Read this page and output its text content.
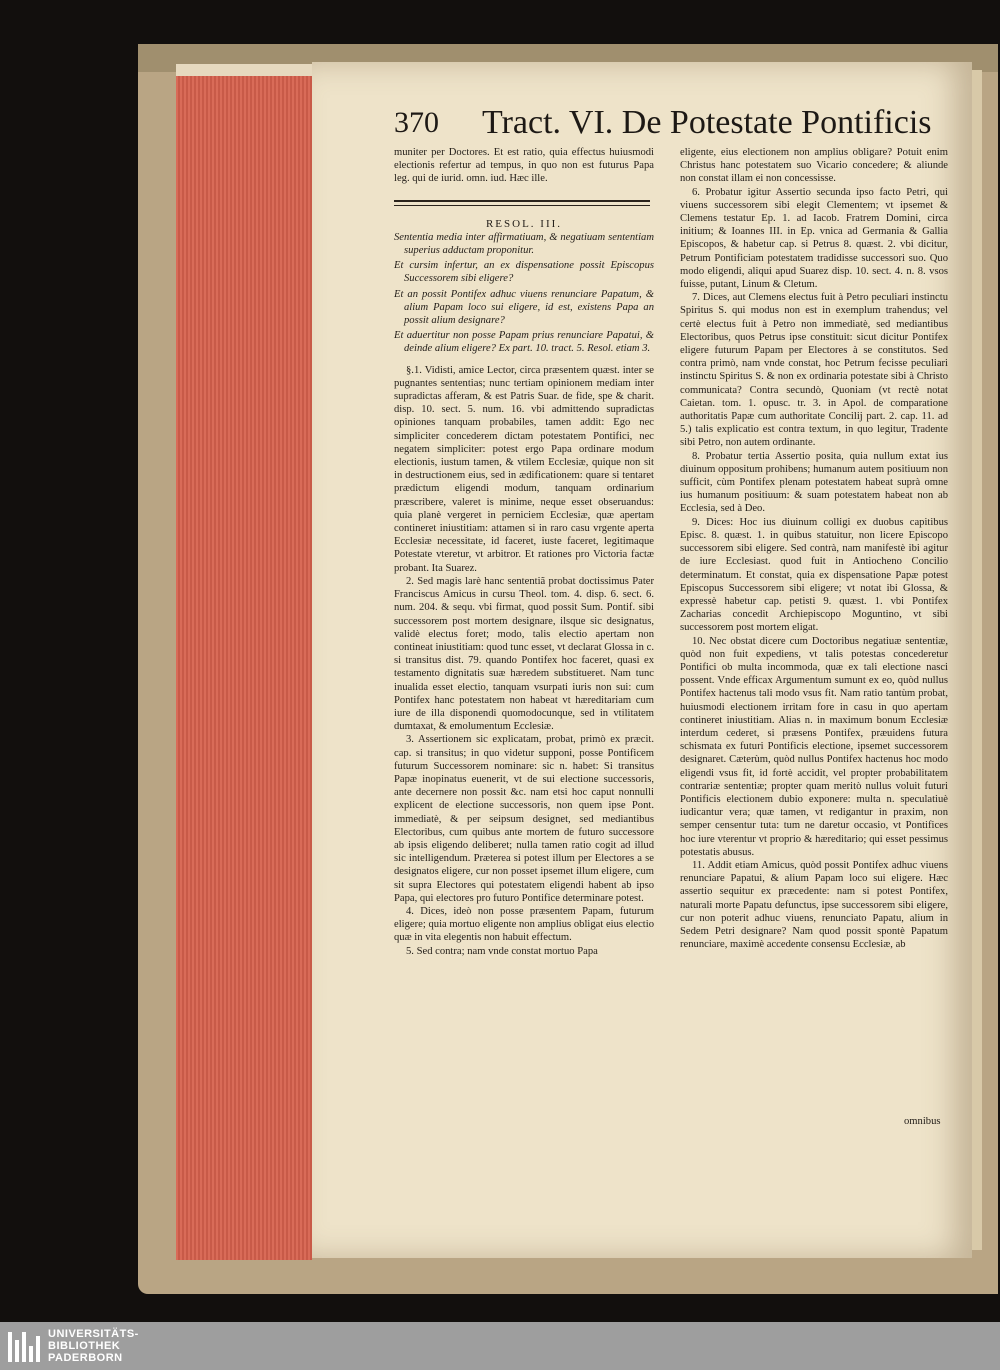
370 Tract. VI. De Potestate Pontificis

muniter per Doctores. Et est ratio, quia effectus huiusmodi electionis refertur ad tempus, in quo non est futurus Papa leg. qui de iurid. omn. iud. Hæc ille.

RESOL. III.

Sententia media inter affirmatiuam, & negatiuam sententiam superius adductam proponitur.

Et cursim infertur, an ex dispensatione possit Episcopus Successorem sibi eligere?

Et an possit Pontifex adhuc viuens renunciare Papatum, & alium Papam loco sui eligere, id est, existens Papa an possit alium designare?

Et aduertitur non posse Papam prius renunciare Papatui, & deinde alium eligere? Ex part. 10. tract. 5. Resol. etiam 3.

§.1. Vidisti, amice Lector, circa præsentem quæst. inter se pugnantes sententias; nunc tertiam opinionem mediam inter supradictas afferam, & est Patris Suar. de fide, spe & charit. disp. 10. sect. 5. num. 16. vbi admittendo supradictas opiniones tanquam probabiles, tamen addit: Ego nec simpliciter concederem dictam potestatem Pontifici, nec negatem simpliciter: potest ergo Papa ordinare modum electionis, iustum tamen, & vtilem Ecclesiæ, quique non sit in destructionem eius, sed in ædificationem: quare si tentaret prædictum eligendi modum, tanquam ordinarium præscribere, valeret is minime, neque esset obseruandus: quia planè vergeret in perniciem Ecclesiæ, quæ apertam contineret iniustitiam: attamen si in raro casu vrgente aperta Ecclesiæ necessitate, id faceret, iuste faceret, legitimaque Potestate vteretur, vt arbitror. Et rationes pro Victoria factæ probant. Ita Suarez.

2. Sed magis larè hanc sententiã probat doctissimus Pater Franciscus Amicus in cursu Theol. tom. 4. disp. 6. sect. 6. num. 204. & sequ. vbi firmat, quod possit Sum. Pontif. sibi successorem post mortem designare, ilsque sic designatus, validè electus foret; modo, talis electio apertam non contineat iniustitiam: quod tunc esset, vt declarat Glossa in c. si transitus dist. 79. quando Pontifex hoc faceret, quasi ex testamento dignitatis suæ hæredem substitueret. Nam tunc inualida esset electio, tanquam vsurpati iuris non sui: cum Pontifex hanc potestatem non habeat vt hæreditariam cum iure de illa disponendi quomodocunque, sed in vtilitatem dumtaxat, & emolumentum Ecclesiæ.

3. Assertionem sic explicatam, probat, primò ex præcit. cap. si transitus; in quo videtur supponi, posse Pontificem futurum Successorem nominare: sic n. habet: Si transitus Papæ inopinatus euenerit, vt de sui electione successoris, ante decernere non possit &c. nam etsi hoc caput nonnulli explicent de electione successoris, non quem ipse Pont. immediatè, & per seipsum designet, sed mediantibus Electoribus, cum quibus ante mortem de futuro successore ab ipsis eligendo deliberet; nulla tamen ratio cogit ad illud sic intelligendum. Præterea si potest illum per Electores a se designatos eligere, cur non posset ipsemet illum eligere, cum sit supra Electores qui potestatem eligendi habent ab ipso Papa, qui electores pro futuro Pontifice determinare potest.

4. Dices, ideò non posse præsentem Papam, futurum eligere; quia mortuo eligente non amplius obligat eius electio quæ in vita elegentis non habuit effectum.

5. Sed contra; nam vnde constat mortuo Papa

eligente, eius electionem non amplius obligare? Potuit enim Christus hanc potestatem suo Vicario concedere; & aliunde non constat illam ei non concessisse.

6. Probatur igitur Assertio secunda ipso facto Petri, qui viuens successorem sibi elegit Clementem; vt ipsemet & Clemens testatur Ep. 1. ad Iacob. Fratrem Domini, circa initium; & Ioannes III. in Ep. vnica ad Germania & Gallia Episcopos, & habetur cap. si Petrus 8. quæst. 2. vbi dicitur, Petrum Pontificiam potestatem tradidisse successori suo. Quo modo eligendi, aliqui apud Suarez disp. 10. sect. 4. n. 8. vsos fuisse, putant, Linum & Cletum.

7. Dices, aut Clemens electus fuit à Petro peculiari instinctu Spiritus S. qui modus non est in exemplum trahendus; vel certè electus fuit à Petro non immediatè, sed mediantibus Electoribus, quos Petrus ipse constituit: sicut dicitur Pontifex eligere futurum Papam per Electores à se constitutos. Sed contra primò, nam vnde constat, hoc Petrum fecisse peculiari instinctu Spiritus S. & non ex ordinaria potestate sibi à Christo communicata? Contra secundò, Quoniam (vt rectè notat Caietan. tom. 1. opusc. tr. 3. in Apol. de comparatione authoritatis Papæ cum authoritate Concilij part. 2. cap. 11. ad 5.) talis explicatio est contra textum, in quo legitur, Tradente sibi Petro, non autem ordinante.

8. Probatur tertia Assertio posita, quia nullum extat ius diuinum oppositum prohibens; humanum autem positiuum non sufficit, cùm Pontifex plenam potestatem habeat suprà omne ius humanum positiuum: & suam potestatem habeat non ab Ecclesia, sed à Deo.

9. Dices: Hoc ius diuinum colligi ex duobus capitibus Episc. 8. quæst. 1. in quibus statuitur, non licere Episcopo successorem sibi eligere. Sed contrà, nam manifestè ibi agitur de iure Ecclesiast. quod fuit in Antiocheno Concilio determinatum. Et constat, quia ex dispensatione Papæ potest Episcopus Successorem sibi eligere; vt notat ibi Glossa, & expressè habetur cap. petisti 9. quæst. 1. vbi Pontifex Zacharias concedit Archiepiscopo Moguntino, vt sibi successorem post mortem eligat.

10. Nec obstat dicere cum Doctoribus negatiuæ sententiæ, quòd non fuit expediens, vt talis potestas concederetur Pontifici ob multa incommoda, quæ ex tali electione nasci possent. Vnde efficax Argumentum sumunt ex eo, quòd nullus Pontifex hactenus tali modo vsus fit. Nam ratio tantùm probat, huiusmodi electionem irritam fore in casu in quo apertam contineret iniustitiam. Alias n. in maximum bonum Ecclesiæ interdum cederet, si præsens Pontifex, præuidens futura schismata ex futuri Pontificis electione, ipsemet successorem designaret. Cæterùm, quòd nullus Pontifex hactenus hoc modo eligendi vsus fit, id fortè accidit, vel propter probabilitatem contrariæ sententiæ; propter quam meritò nullus voluit futuri Pontificis electionem dubio exponere: multa n. speculatiuè iudicantur vera; quæ tamen, vt redigantur in praxim, non semper censentur tuta: tum ne daretur occasio, vt Pontifices hoc iure vterentur vt proprio & hæreditario; qui esset pessimus potestatis abusus.

11. Addit etiam Amicus, quòd possit Pontifex adhuc viuens renunciare Papatui, & alium Papam loco sui eligere. Hæc assertio sequitur ex præcedente: nam si potest Pontifex, naturali morte Papatu defunctus, ipse successorem sibi eligere, cur non poterit adhuc viuens, renunciato Papatu, alium in Sedem Petri designare? Nam quod possit spontè Papatum renunciare, maximè accedente consensu Ecclesiæ, ab

omnibus
UNIVERSITÄTS-
BIBLIOTHEK
PADERBORN
